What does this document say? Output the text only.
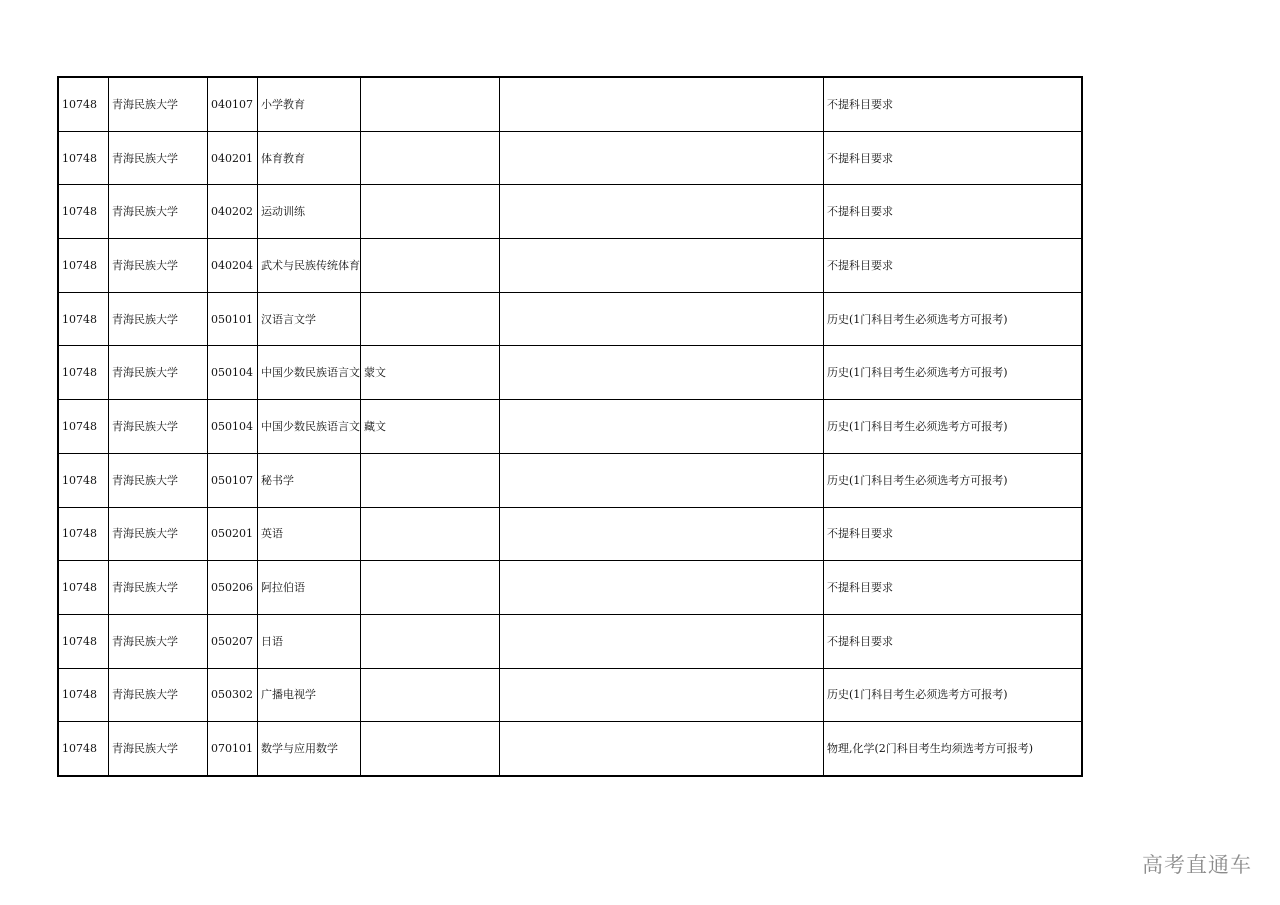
10748	青海民族大学	040107	小学教育			不提科目要求
10748	青海民族大学	040201	体育教育			不提科目要求
10748	青海民族大学	040202	运动训练			不提科目要求
10748	青海民族大学	040204	武术与民族传统体育			不提科目要求
10748	青海民族大学	050101	汉语言文学			历史(1门科目考生必须选考方可报考)
10748	青海民族大学	050104	中国少数民族语言文	蒙文		历史(1门科目考生必须选考方可报考)
10748	青海民族大学	050104	中国少数民族语言文	藏文		历史(1门科目考生必须选考方可报考)
10748	青海民族大学	050107	秘书学			历史(1门科目考生必须选考方可报考)
10748	青海民族大学	050201	英语			不提科目要求
10748	青海民族大学	050206	阿拉伯语			不提科目要求
10748	青海民族大学	050207	日语			不提科目要求
10748	青海民族大学	050302	广播电视学			历史(1门科目考生必须选考方可报考)
10748	青海民族大学	070101	数学与应用数学			物理,化学(2门科目考生均须选考方可报考)
高考直通车
